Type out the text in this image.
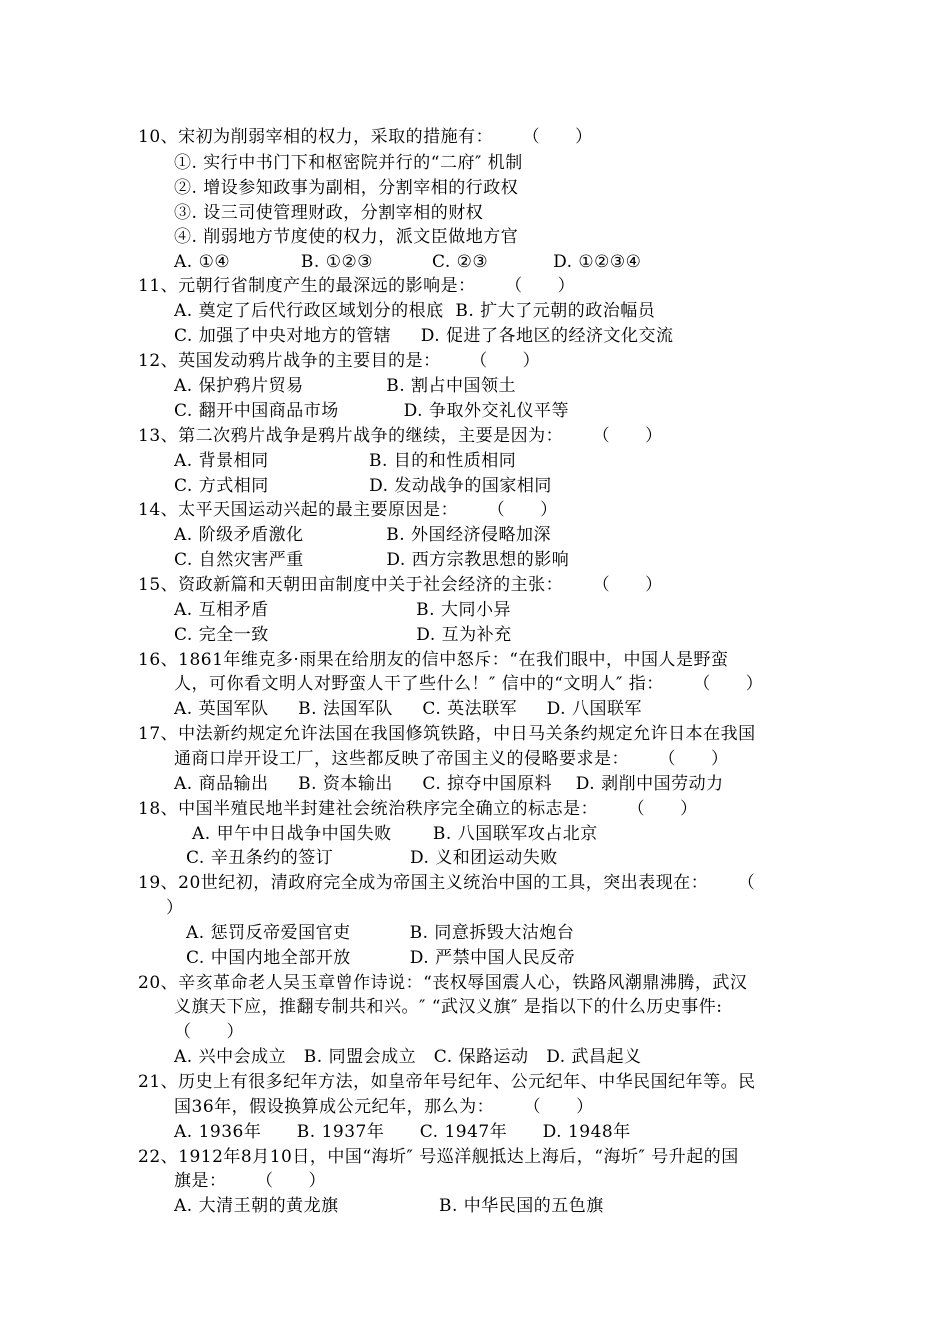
10、宋初为削弱宰相的权力，采取的措施有：     （　　）
①. 实行中书门下和枢密院并行的“二府″ 机制
②. 增设参知政事为副相，分割宰相的行政权
③. 设三司使管理财政，分割宰相的财权
④. 削弱地方节度使的权力，派文臣做地方官
A. ①④            B. ①②③          C. ②③           D. ①②③④
11、元朝行省制度产生的最深远的影响是：     （　　）
A. 奠定了后代行政区域划分的根底  B. 扩大了元朝的政治幅员
C. 加强了中央对地方的管辖     D. 促进了各地区的经济文化交流
12、英国发动鸦片战争的主要目的是：     （　　）
A. 保护鸦片贸易              B. 割占中国领土
C. 翻开中国商品市场           D. 争取外交礼仪平等
13、第二次鸦片战争是鸦片战争的继续，主要是因为：     （　　）
A. 背景相同                 B. 目的和性质相同
C. 方式相同                 D. 发动战争的国家相同
14、太平天国运动兴起的最主要原因是：     （　　）
A. 阶级矛盾激化              B. 外国经济侵略加深
C. 自然灾害严重              D. 西方宗教思想的影响
15、资政新篇和天朝田亩制度中关于社会经济的主张：     （　　）
A. 互相矛盾                         B. 大同小异
C. 完全一致                         D. 互为补充
16、1861年维克多·雨果在给朋友的信中怒斥：“在我们眼中，中国人是野蛮
人，可你看文明人对野蛮人干了些什么！″ 信中的“文明人″ 指：     （　　）
A. 英国军队     B. 法国军队     C. 英法联军     D. 八国联军
17、中法新约规定允许法国在我国修筑铁路，中日马关条约规定允许日本在我国
通商口岸开设工厂，这些都反映了帝国主义的侵略要求是：     （　　）
A. 商品输出     B. 资本输出     C. 掠夺中国原料    D. 剥削中国劳动力
18、中国半殖民地半封建社会统治秩序完全确立的标志是：     （　　）
A. 甲午中日战争中国失败       B. 八国联军攻占北京
C. 辛丑条约的签订             D. 义和团运动失败
19、20世纪初，清政府完全成为帝国主义统治中国的工具，突出表现在：     （
）
A. 惩罚反帝爱国官吏          B. 同意拆毁大沽炮台
C. 中国内地全部开放          D. 严禁中国人民反帝
20、辛亥革命老人吴玉章曾作诗说：“丧权辱国震人心，铁路风潮鼎沸腾，武汉
义旗天下应，推翻专制共和兴。″ “武汉义旗″ 是指以下的什么历史事件:
（　　）
A. 兴中会成立   B. 同盟会成立   C. 保路运动   D. 武昌起义
21、历史上有很多纪年方法，如皇帝年号纪年、公元纪年、中华民国纪年等。民
国36年，假设换算成公元纪年，那么为：     （　　）
A. 1936年      B. 1937年      C. 1947年      D. 1948年
22、1912年8月10日，中国“海圻″ 号巡洋舰抵达上海后，“海圻″ 号升起的国
旗是：     （　　）
A. 大清王朝的黄龙旗                 B. 中华民国的五色旗
